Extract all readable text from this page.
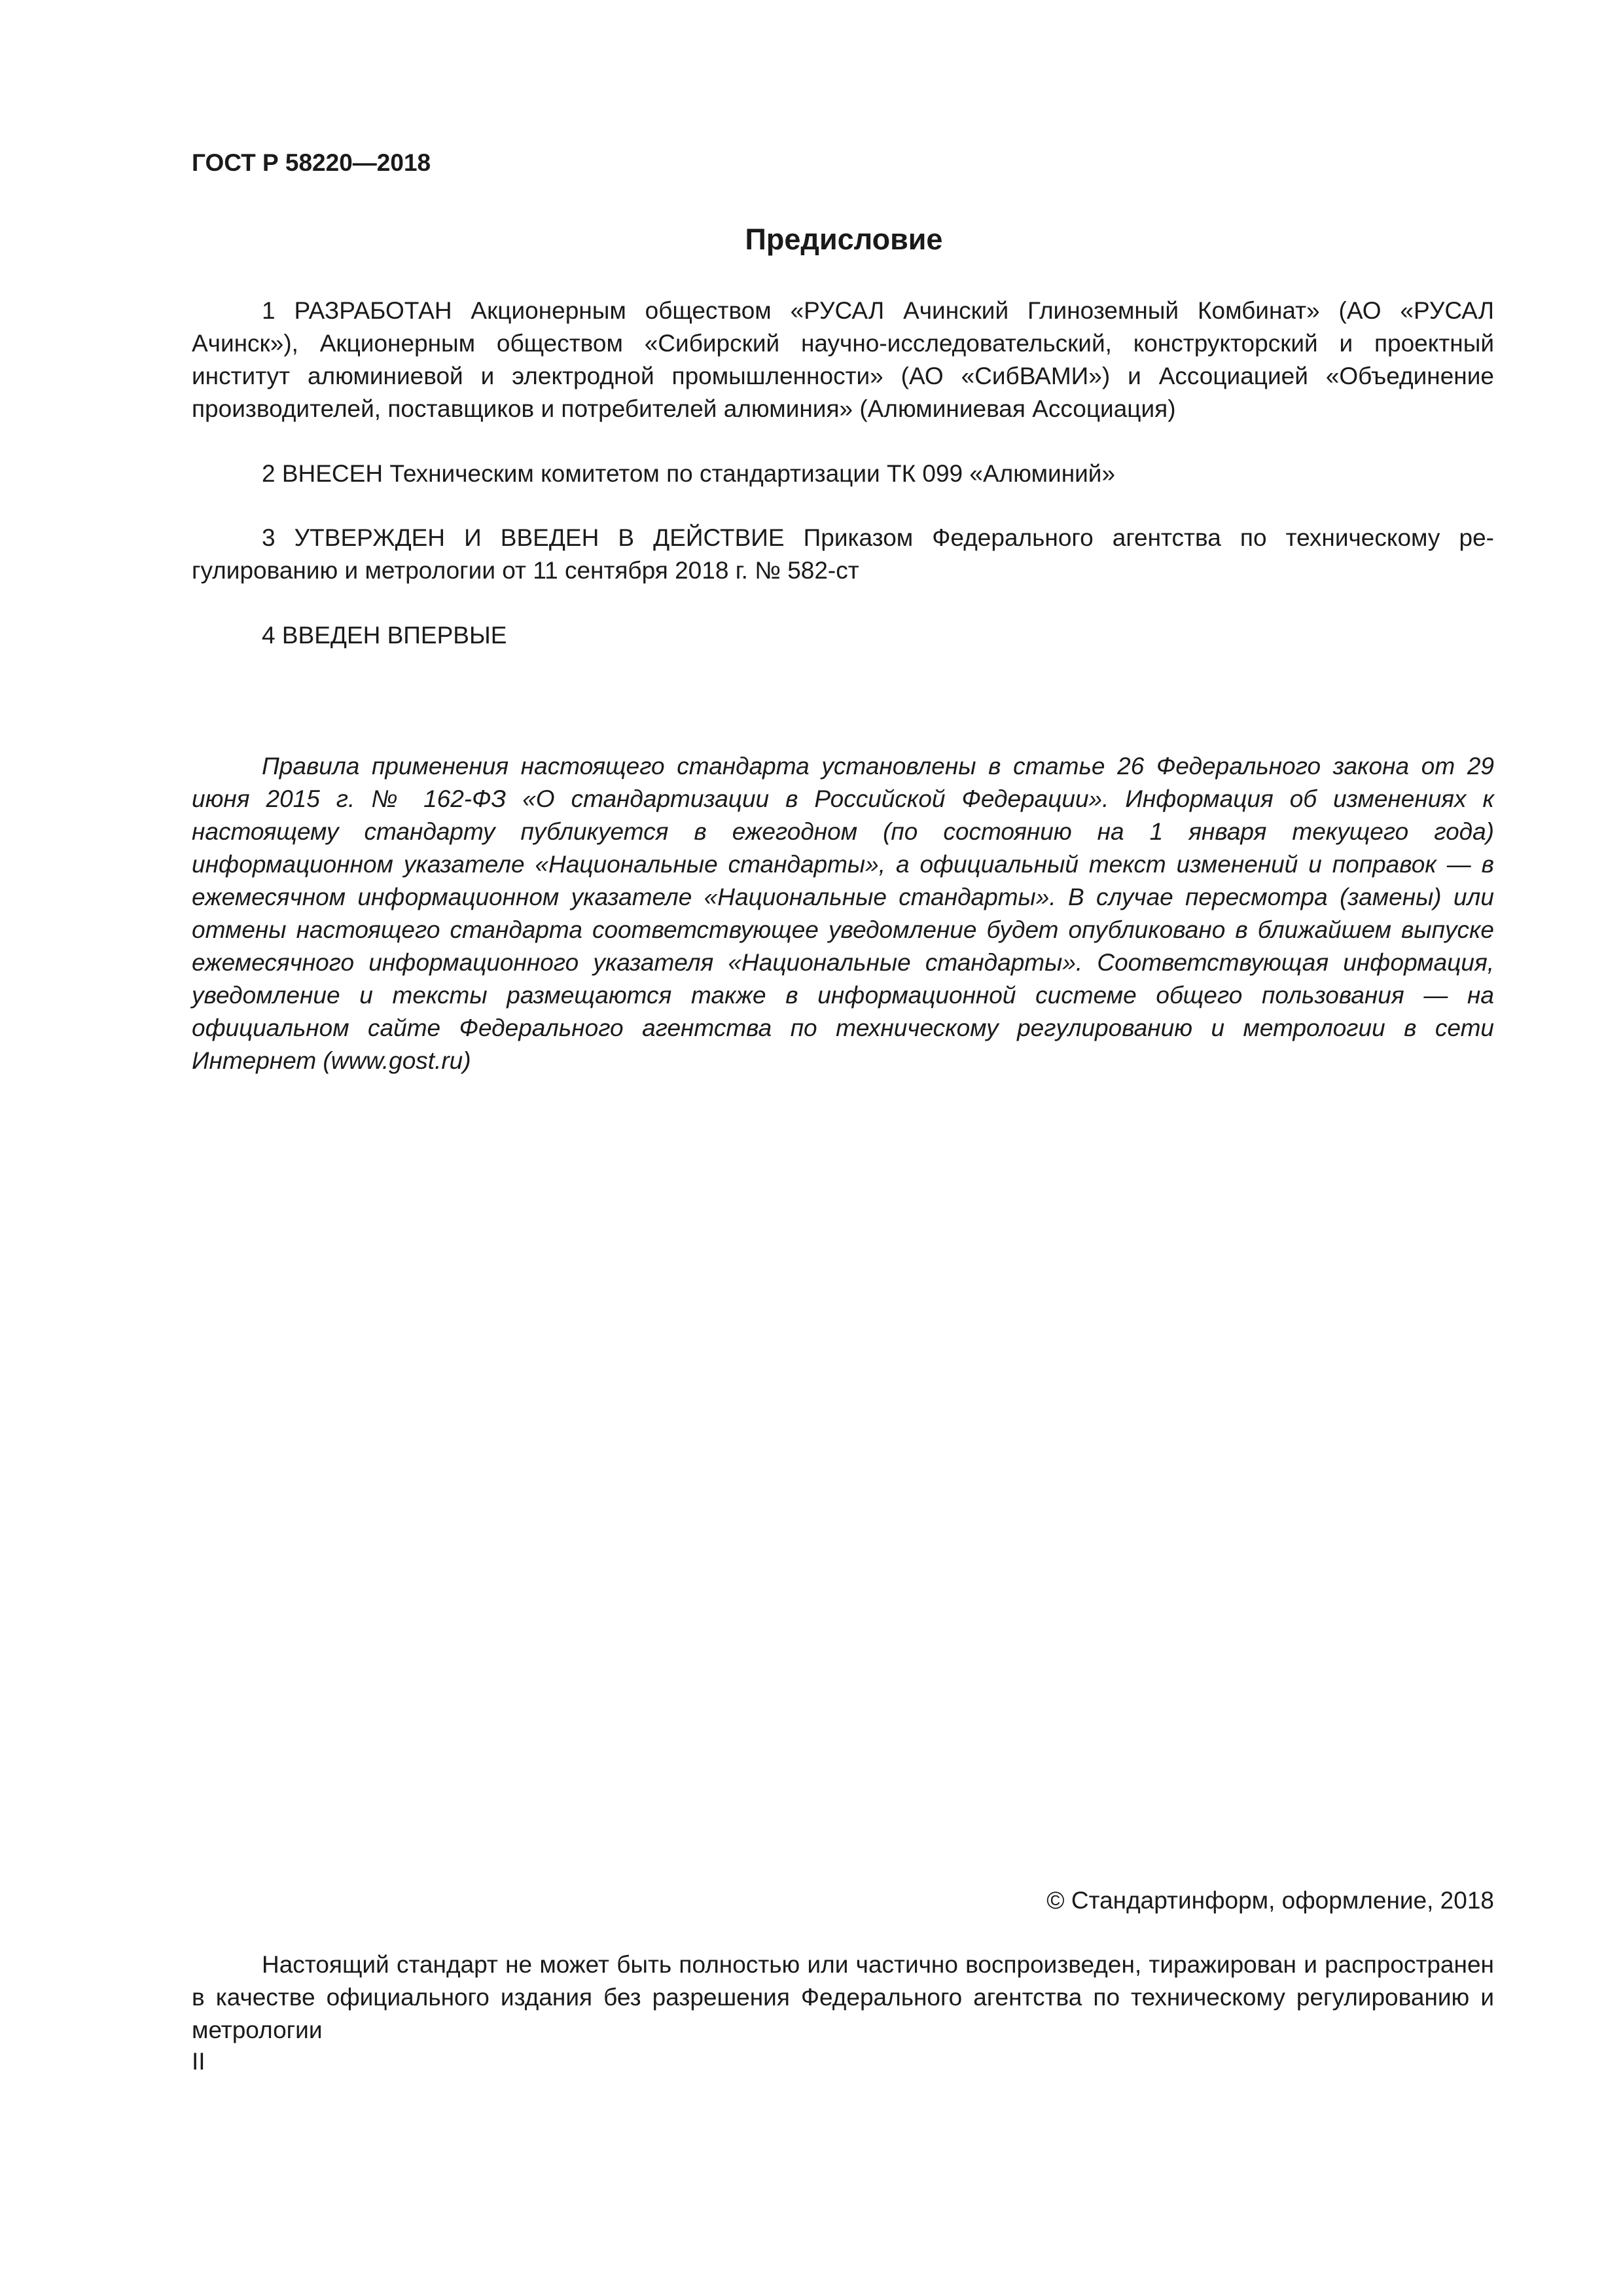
ГОСТ Р 58220—2018
Предисловие

1 РАЗРАБОТАН Акционерным обществом «РУСАЛ Ачинский Глиноземный Комбинат» (АО «РУСАЛ Ачинск»), Акционерным обществом «Сибирский научно-исследовательский, конструкторский и проектный институт алюминиевой и электродной промышленности» (АО «СибВАМИ») и Ассоциацией «Объединение производителей, поставщиков и потребителей алюминия» (Алюминиевая Ассоциация)

2 ВНЕСЕН Техническим комитетом по стандартизации ТК 099 «Алюминий»

3 УТВЕРЖДЕН И ВВЕДЕН В ДЕЙСТВИЕ Приказом Федерального агентства по техническому регулированию и метрологии от 11 сентября 2018 г. № 582-ст

4 ВВЕДЕН ВПЕРВЫЕ

Правила применения настоящего стандарта установлены в статье 26 Федерального закона от 29 июня 2015 г. № 162-ФЗ «О стандартизации в Российской Федерации». Информация об изменениях к настоящему стандарту публикуется в ежегодном (по состоянию на 1 января текущего года) информационном указателе «Национальные стандарты», а официальный текст изменений и поправок — в ежемесячном информационном указателе «Национальные стандарты». В случае пересмотра (замены) или отмены настоящего стандарта соответствующее уведомление будет опубликовано в ближайшем выпуске ежемесячного информационного указателя «Национальные стандарты». Соответствующая информация, уведомление и тексты размещаются также в информационной системе общего пользования — на официальном сайте Федерального агентства по техническому регулированию и метрологии в сети Интернет (www.gost.ru)

© Стандартинформ, оформление, 2018

Настоящий стандарт не может быть полностью или частично воспроизведен, тиражирован и распространен в качестве официального издания без разрешения Федерального агентства по техническому регулированию и метрологии

II
